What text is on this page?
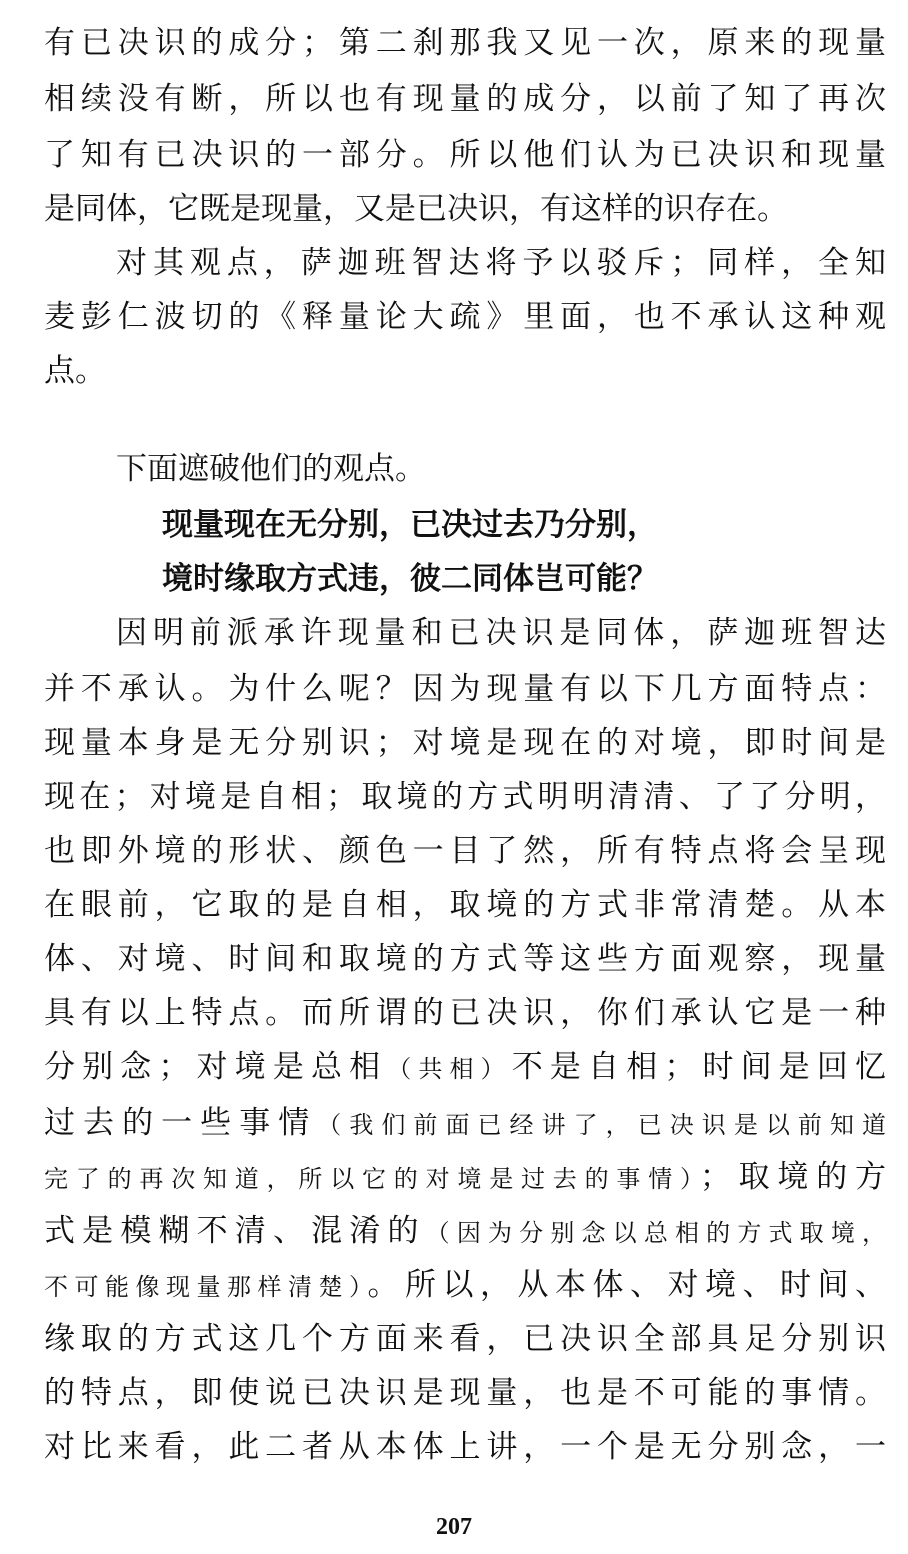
有已决识的成分；第二刹那我又见一次，原来的现量
相续没有断，所以也有现量的成分，以前了知了再次
了知有已决识的一部分。所以他们认为已决识和现量
是同体，它既是现量，又是已决识，有这样的识存在。
对其观点，萨迦班智达将予以驳斥；同样，全知
麦彭仁波切的《释量论大疏》里面，也不承认这种观
点。
下面遮破他们的观点。
现量现在无分别，已决过去乃分别，
境时缘取方式违，彼二同体岂可能？
因明前派承许现量和已决识是同体，萨迦班智达
并不承认。为什么呢？因为现量有以下几方面特点：
现量本身是无分别识；对境是现在的对境，即时间是
现在；对境是自相；取境的方式明明清清、了了分明，
也即外境的形状、颜色一目了然，所有特点将会呈现
在眼前，它取的是自相，取境的方式非常清楚。从本
体、对境、时间和取境的方式等这些方面观察，现量
具有以上特点。而所谓的已决识，你们承认它是一种
分别念；对境是总相（共相）不是自相；时间是回忆
过去的一些事情（我们前面已经讲了，已决识是以前知道
完了的再次知道，所以它的对境是过去的事情）；取境的方
式是模糊不清、混淆的（因为分别念以总相的方式取境，
不可能像现量那样清楚）。所以，从本体、对境、时间、
缘取的方式这几个方面来看，已决识全部具足分别识
的特点，即使说已决识是现量，也是不可能的事情。
对比来看，此二者从本体上讲，一个是无分别念，一
207
